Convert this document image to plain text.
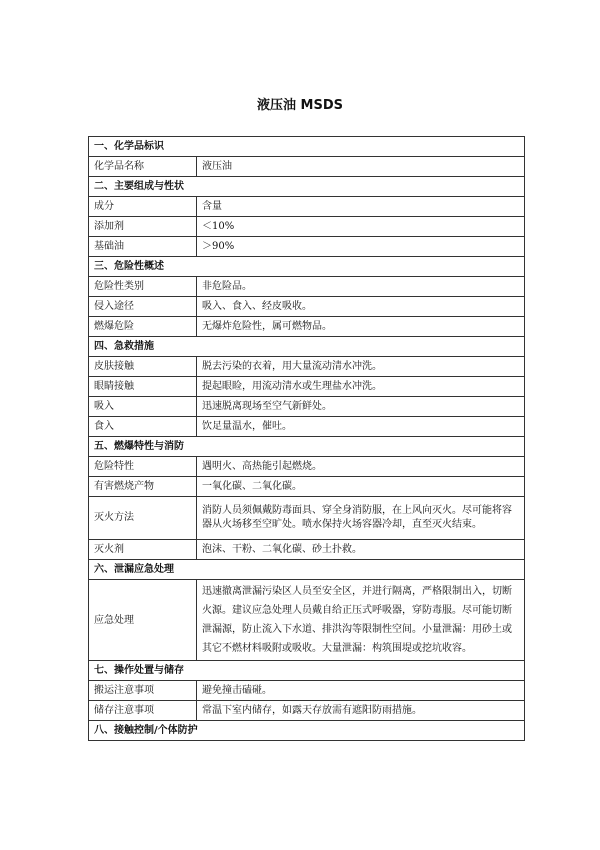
液压油 MSDS
一、化学品标识	
化学品名称	液压油
二、主要组成与性状	
成分	含量
添加剂	＜10%
基础油	＞90%
三、危险性概述	
危险性类别	非危险品。
侵入途径	吸入、食入、经皮吸收。
燃爆危险	无爆炸危险性，属可燃物品。
四、急救措施	
皮肤接触	脱去污染的衣着，用大量流动清水冲洗。
眼睛接触	提起眼睑，用流动清水或生理盐水冲洗。
吸入	迅速脱离现场至空气新鲜处。
食入	饮足量温水，催吐。
五、燃爆特性与消防	
危险特性	遇明火、高热能引起燃烧。
有害燃烧产物	一氧化碳、二氧化碳。
灭火方法	消防人员须佩戴防毒面具、穿全身消防服，在上风向灭火。尽可能将容器从火场移至空旷处。喷水保持火场容器冷却，直至灭火结束。
灭火剂	泡沫、干粉、二氧化碳、砂土扑救。
六、泄漏应急处理	
应急处理	迅速撤离泄漏污染区人员至安全区，并进行隔离，严格限制出入，切断火源。建议应急处理人员戴自给正压式呼吸器，穿防毒服。尽可能切断泄漏源，防止流入下水道、排洪沟等限制性空间。小量泄漏：用砂土或其它不燃材料吸附或吸收。大量泄漏：构筑围堤或挖坑收容。
七、操作处置与储存	
搬运注意事项	避免撞击磕碰。
储存注意事项	常温下室内储存，如露天存放需有遮阳防雨措施。
八、接触控制/个体防护	
